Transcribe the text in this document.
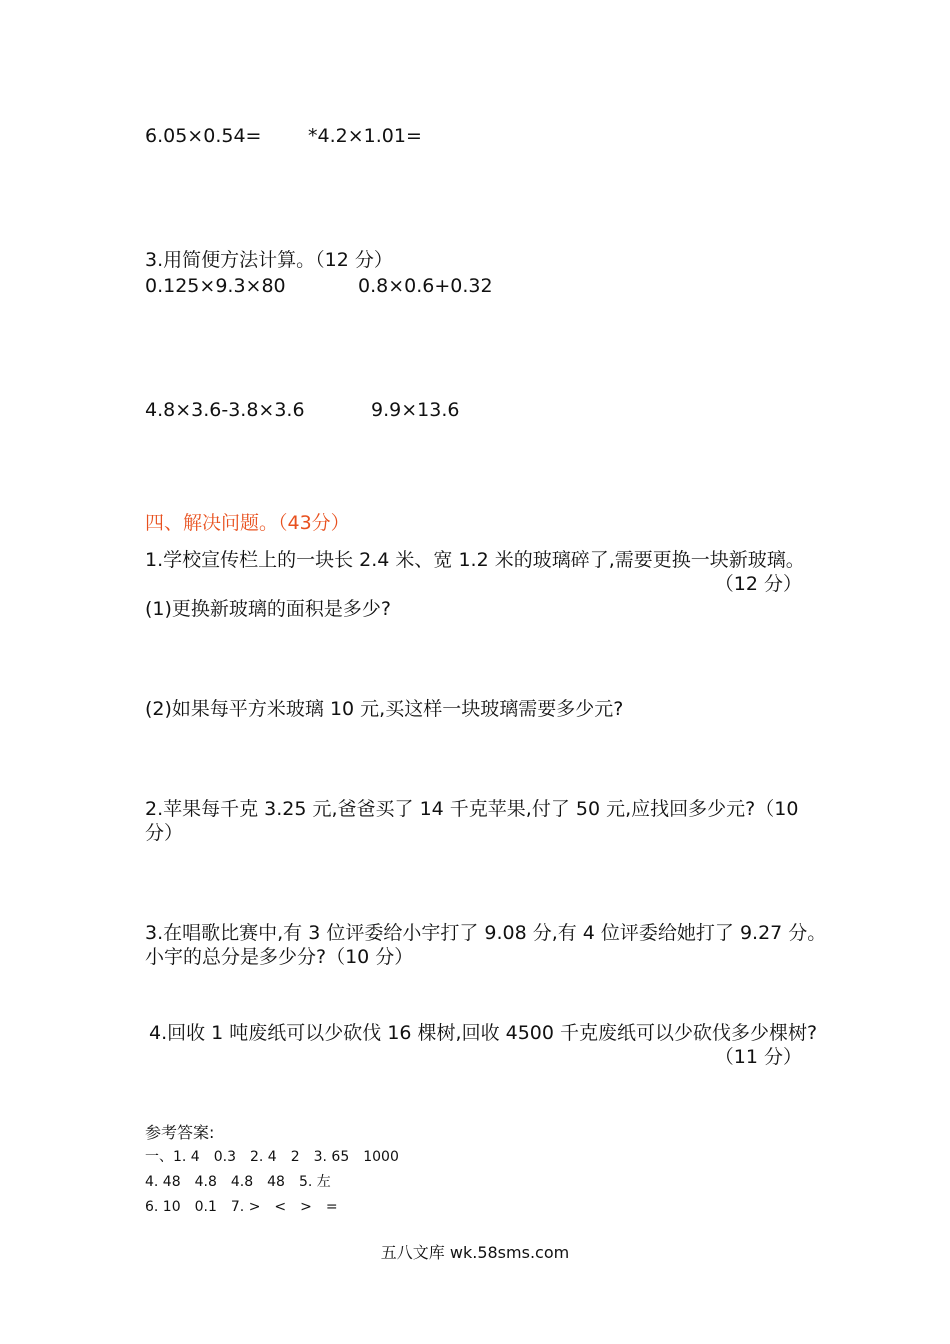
6.05×0.54= *4.2×1.01=
3.用简便方法计算。（12 分）
0.125×9.3×80	0.8×0.6+0.32
4.8×3.6-3.8×3.6	9.9×13.6
四、解决问题。（43分）
1.学校宣传栏上的一块长 2.4 米、宽 1.2 米的玻璃碎了,需要更换一块新玻璃。
（12 分）
(1)更换新玻璃的面积是多少?
(2)如果每平方米玻璃 10 元,买这样一块玻璃需要多少元?
2.苹果每千克 3.25 元,爸爸买了 14 千克苹果,付了 50 元,应找回多少元?（10
分）
3.在唱歌比赛中,有 3 位评委给小宇打了 9.08 分,有 4 位评委给她打了 9.27 分。
小宇的总分是多少分?（10 分）
4.回收 1 吨废纸可以少砍伐 16 棵树,回收 4500 千克废纸可以少砍伐多少棵树?
（11 分）
参考答案:
一、1. 4　0.3　2. 4　2　3. 65　1000
4. 48　4.8　4.8　48　5. 左
6. 10　0.1　7. >　<　>　=
五八文库 wk.58sms.com
